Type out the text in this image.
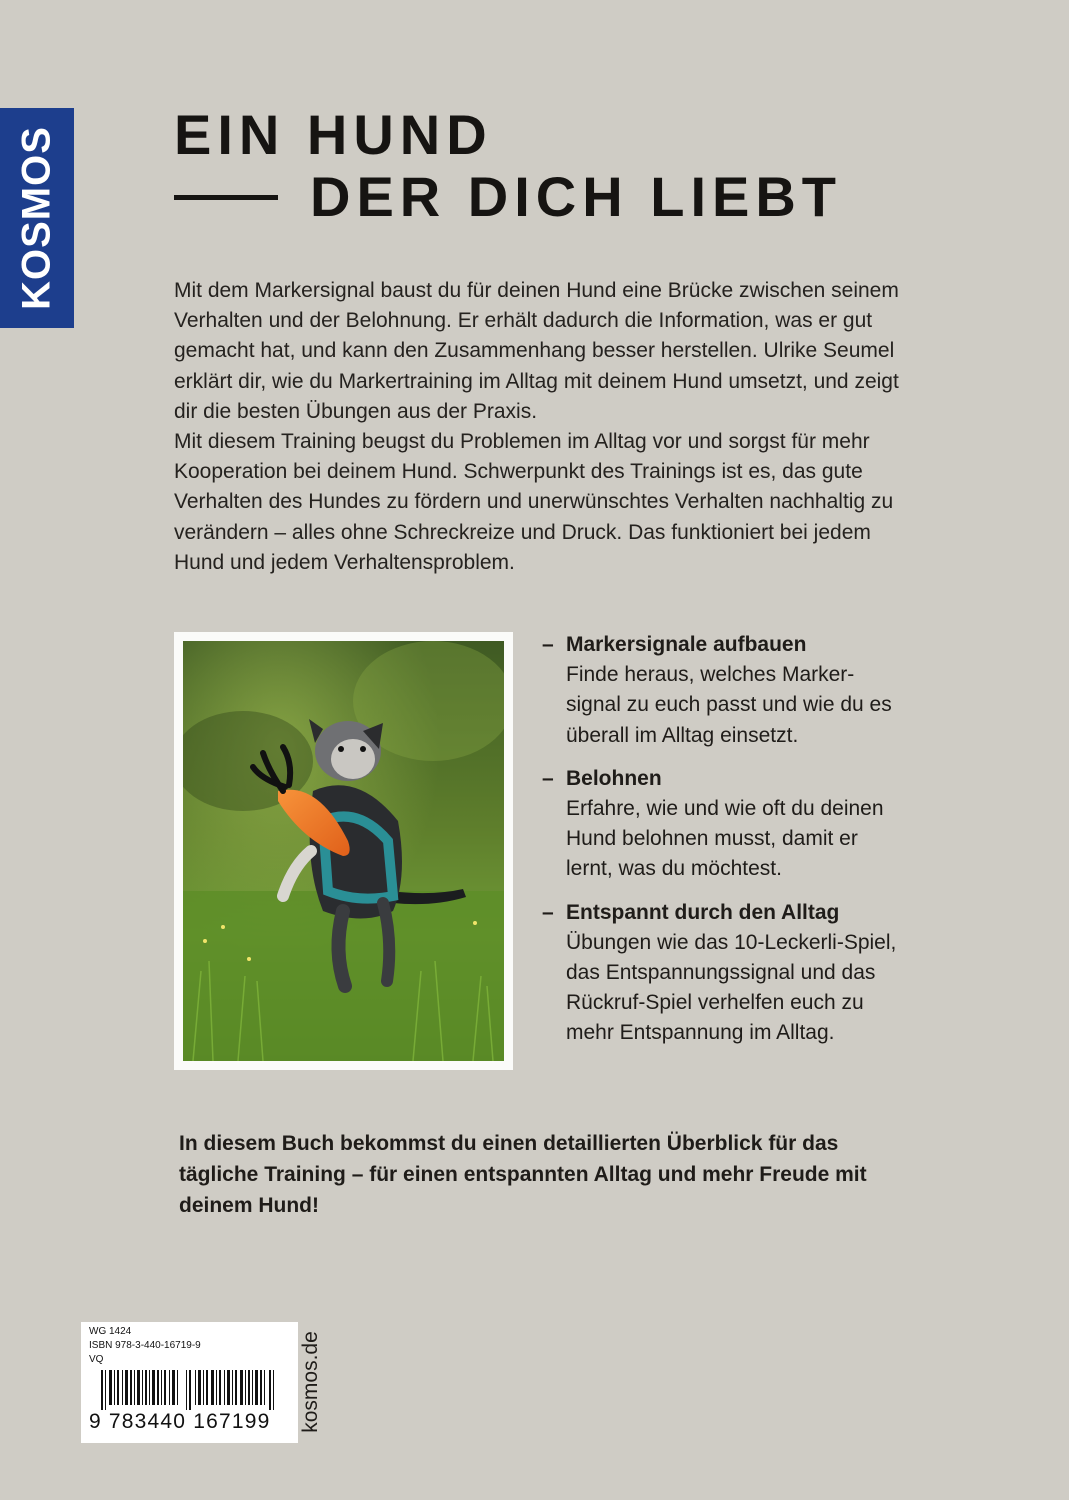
KOSMOS EIN HUND
DER DICH LIEBT

Mit dem Markersignal baust du für deinen Hund eine Brücke zwischen seinem Verhalten und der Belohnung. Er erhält dadurch die Information, was er gut gemacht hat, und kann den Zusammenhang besser herstellen. Ulrike Seumel erklärt dir, wie du Markertraining im Alltag mit deinem Hund umsetzt, und zeigt dir die besten Übungen aus der Praxis.

Mit diesem Training beugst du Problemen im Alltag vor und sorgst für mehr Kooperation bei deinem Hund. Schwerpunkt des Trainings ist es, das gute Verhalten des Hundes zu fördern und unerwünschtes Verhalten nachhaltig zu verändern – alles ohne Schreckreize und Druck. Das funktioniert bei jedem Hund und jedem Verhaltensproblem.

– Markersignale aufbauen
Finde heraus, welches Markersignal zu euch passt und wie du es überall im Alltag einsetzt.
– Belohnen
Erfahre, wie und wie oft du deinen Hund belohnen musst, damit er lernt, was du möchtest.
– Entspannt durch den Alltag
Übungen wie das 10-Leckerli-Spiel, das Entspannungssignal und das Rückruf-Spiel verhelfen euch zu mehr Entspannung im Alltag.
In diesem Buch bekommst du einen detaillierten Überblick für das tägliche Training – für einen entspannten Alltag und mehr Freude mit deinem Hund!
WG 1424
ISBN 978-3-440-16719-9
VQ
9 783440 167199 kosmos.de
